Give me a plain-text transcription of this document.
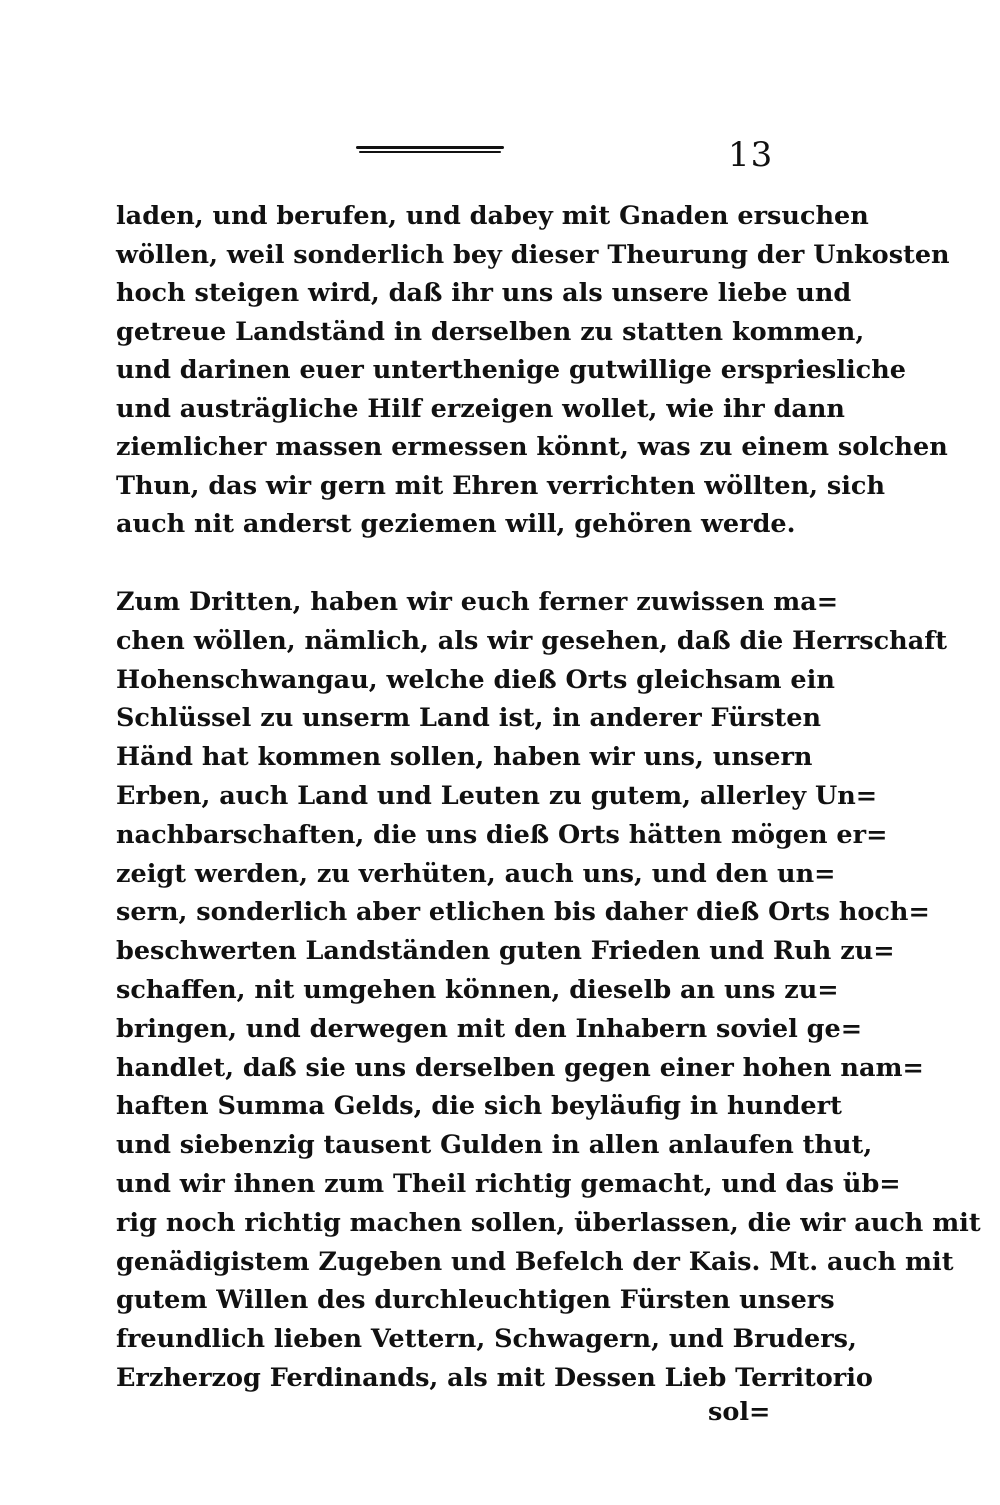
13
laden, und berufen, und dabey mit Gnaden ersuchen
wöllen, weil sonderlich bey dieser Theurung der Unkosten
hoch steigen wird, daß ihr uns als unsere liebe und
getreue Landständ in derselben zu statten kommen,
und darinen euer unterthenige gutwillige erspriesliche
und austrägliche Hilf erzeigen wollet, wie ihr dann
ziemlicher massen ermessen könnt, was zu einem solchen
Thun, das wir gern mit Ehren verrichten wöllten, sich
auch nit anderst geziemen will, gehören werde.
Zum Dritten, haben wir euch ferner zuwissen ma=
chen wöllen, nämlich, als wir gesehen, daß die Herrschaft
Hohenschwangau, welche dieß Orts gleichsam ein
Schlüssel zu unserm Land ist, in anderer Fürsten
Händ hat kommen sollen, haben wir uns, unsern
Erben, auch Land und Leuten zu gutem, allerley Un=
nachbarschaften, die uns dieß Orts hätten mögen er=
zeigt werden, zu verhüten, auch uns, und den un=
sern, sonderlich aber etlichen bis daher dieß Orts hoch=
beschwerten Landständen guten Frieden und Ruh zu=
schaffen, nit umgehen können, dieselb an uns zu=
bringen, und derwegen mit den Inhabern soviel ge=
handlet, daß sie uns derselben gegen einer hohen nam=
haften Summa Gelds, die sich beyläufig in hundert
und siebenzig tausent Gulden in allen anlaufen thut,
und wir ihnen zum Theil richtig gemacht, und das üb=
rig noch richtig machen sollen, überlassen, die wir auch mit
genädigistem Zugeben und Befelch der Kais. Mt. auch mit
gutem Willen des durchleuchtigen Fürsten unsers
freundlich lieben Vettern, Schwagern, und Bruders,
Erzherzog Ferdinands, als mit Dessen Lieb Territorio
sol=
